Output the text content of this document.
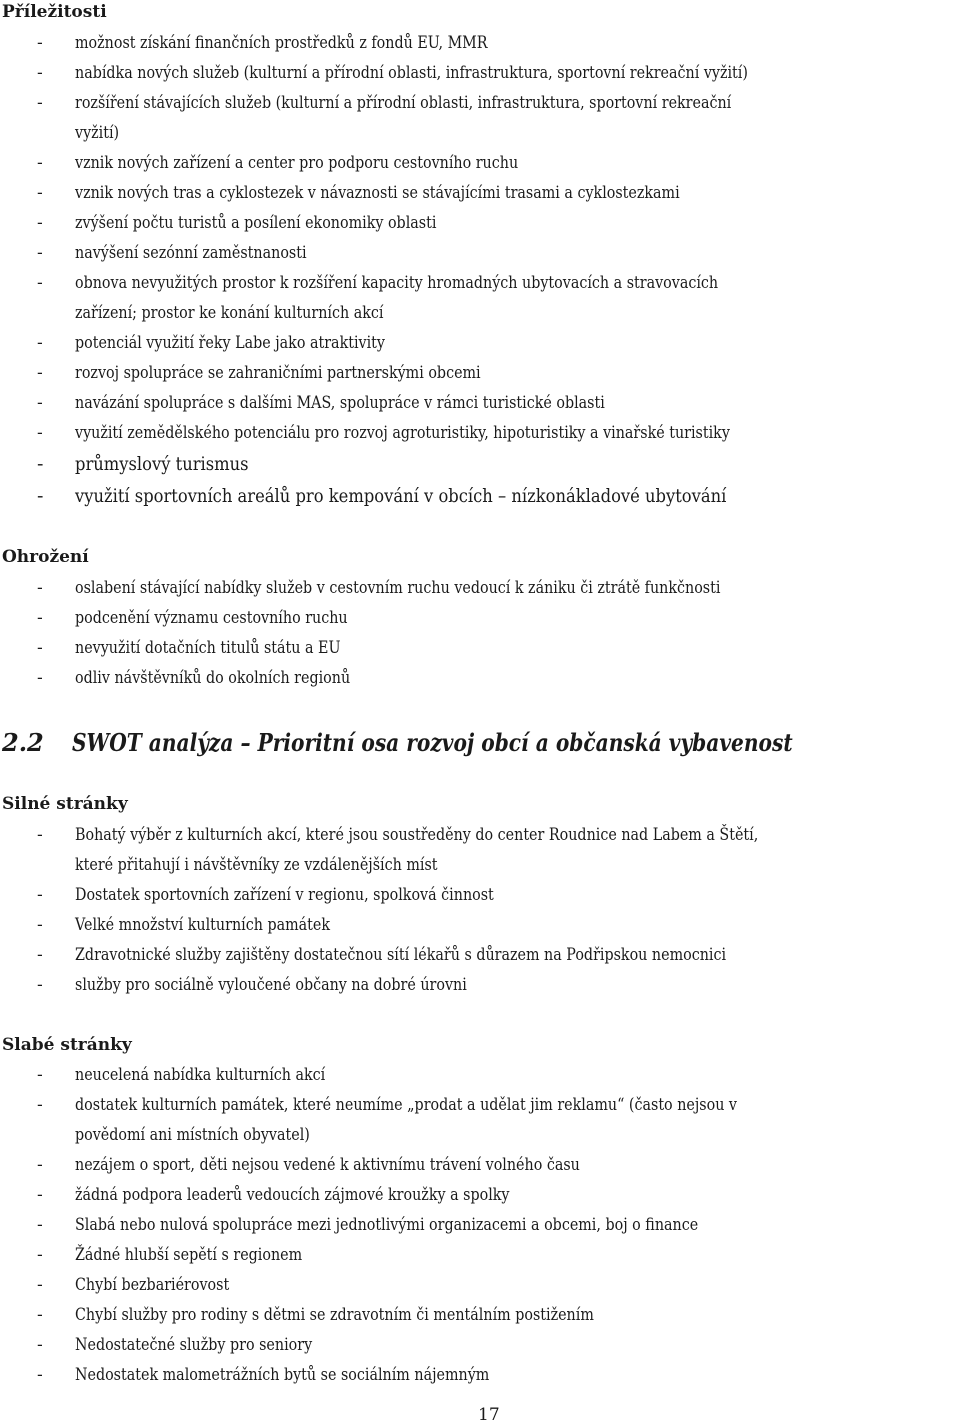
Příležitosti
- možnost získání finančních prostředků z fondů EU, MMR
- nabídka nových služeb (kulturní a přírodní oblasti, infrastruktura, sportovní rekreační vyžití)
- rozšíření stávajících služeb (kulturní a přírodní oblasti, infrastruktura, sportovní rekreační
vyžití)
- vznik nových zařízení a center pro podporu cestovního ruchu
- vznik nových tras a cyklostezek v návaznosti se stávajícími trasami a cyklostezkami
- zvýšení počtu turistů a posílení ekonomiky oblasti
- navýšení sezónní zaměstnanosti
- obnova nevyužitých prostor k rozšíření kapacity hromadných ubytovacích a stravovacích
zařízení; prostor ke konání kulturních akcí
- potenciál využití řeky Labe jako atraktivity
- rozvoj spolupráce se zahraničními partnerskými obcemi
- navázání spolupráce s dalšími MAS, spolupráce v rámci turistické oblasti
- využití zemědělského potenciálu pro rozvoj agroturistiky, hipoturistiky a vinařské turistiky
- průmyslový turismus
- využití sportovních areálů pro kempování v obcích – nízkonákladové ubytování
Ohrožení
- oslabení stávající nabídky služeb v cestovním ruchu vedoucí k zániku či ztrátě funkčnosti
- podcenění významu cestovního ruchu
- nevyužití dotačních titulů státu a EU
- odliv návštěvníků do okolních regionů
2.2 SWOT analýza – Prioritní osa rozvoj obcí a občanská vybavenost
Silné stránky
- Bohatý výběr z kulturních akcí, které jsou soustředěny do center Roudnice nad Labem a Štětí,
které přitahují i návštěvníky ze vzdálenějších míst
- Dostatek sportovních zařízení v regionu, spolková činnost
- Velké množství kulturních památek
- Zdravotnické služby zajištěny dostatečnou sítí lékařů s důrazem na Podřipskou nemocnici
- služby pro sociálně vyloučené občany na dobré úrovni
Slabé stránky
- neucelená nabídka kulturních akcí
- dostatek kulturních památek, které neumíme „prodat a udělat jim reklamu“ (často nejsou v
povědomí ani místních obyvatel)
- nezájem o sport, děti nejsou vedené k aktivnímu trávení volného času
- žádná podpora leaderů vedoucích zájmové kroužky a spolky
- Slabá nebo nulová spolupráce mezi jednotlivými organizacemi a obcemi, boj o finance
- Žádné hlubší sepětí s regionem
- Chybí bezbariérovost
- Chybí služby pro rodiny s dětmi se zdravotním či mentálním postižením
- Nedostatečné služby pro seniory
- Nedostatek malometrážních bytů se sociálním nájemným
17
